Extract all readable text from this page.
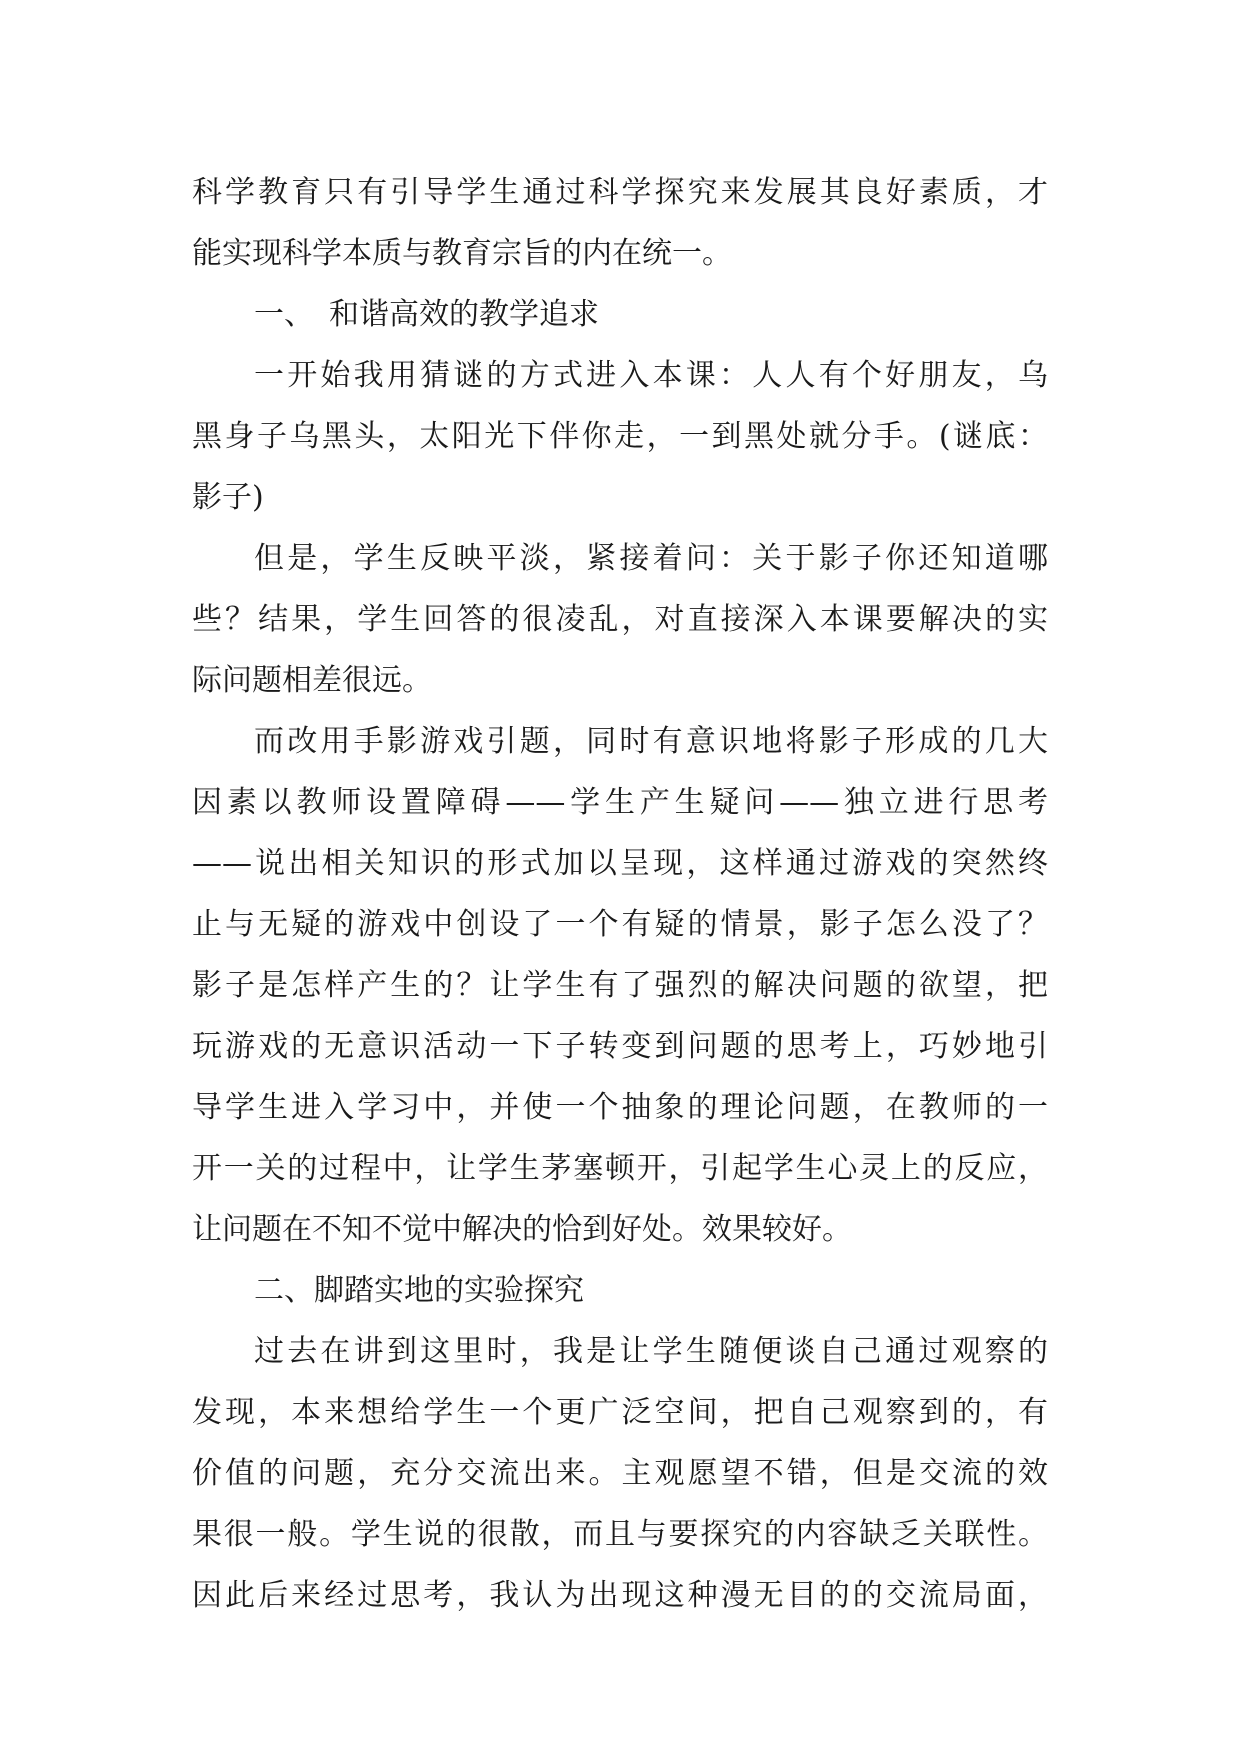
科学教育只有引导学生通过科学探究来发展其良好素质，才
能实现科学本质与教育宗旨的内在统一。
一、　和谐高效的教学追求
一开始我用猜谜的方式进入本课：人人有个好朋友，乌
黑身子乌黑头，太阳光下伴你走，一到黑处就分手。(谜底：
影子)
但是，学生反映平淡，紧接着问：关于影子你还知道哪
些？结果，学生回答的很凌乱，对直接深入本课要解决的实
际问题相差很远。
而改用手影游戏引题，同时有意识地将影子形成的几大
因素以教师设置障碍——学生产生疑问——独立进行思考
——说出相关知识的形式加以呈现，这样通过游戏的突然终
止与无疑的游戏中创设了一个有疑的情景，影子怎么没了？
影子是怎样产生的？让学生有了强烈的解决问题的欲望，把
玩游戏的无意识活动一下子转变到问题的思考上，巧妙地引
导学生进入学习中，并使一个抽象的理论问题，在教师的一
开一关的过程中，让学生茅塞顿开，引起学生心灵上的反应，
让问题在不知不觉中解决的恰到好处。效果较好。
二、脚踏实地的实验探究
过去在讲到这里时，我是让学生随便谈自己通过观察的
发现，本来想给学生一个更广泛空间，把自己观察到的，有
价值的问题，充分交流出来。主观愿望不错，但是交流的效
果很一般。学生说的很散，而且与要探究的内容缺乏关联性。
因此后来经过思考，我认为出现这种漫无目的的交流局面，
